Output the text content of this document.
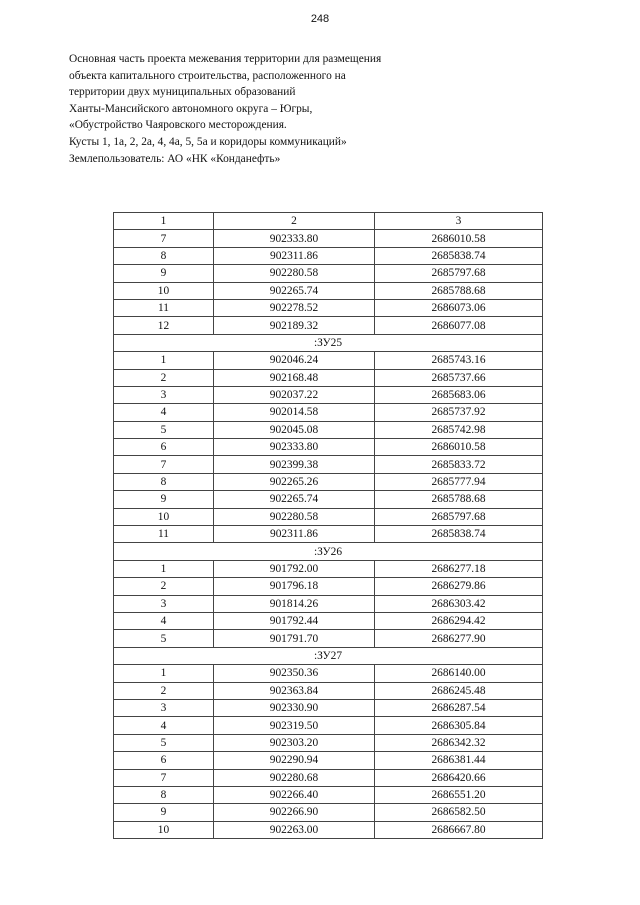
248
Основная часть проекта межевания территории для размещения
объекта капитального строительства, расположенного на
территории двух муниципальных образований
Ханты-Мансийского автономного округа – Югры,
«Обустройство Чаяровского месторождения.
Кусты 1, 1а, 2, 2а, 4, 4а, 5, 5а и коридоры коммуникаций»
Землепользователь: АО «НК «Конданефть»
1	2	3
7	902333.80	2686010.58
8	902311.86	2685838.74
9	902280.58	2685797.68
10	902265.74	2685788.68
11	902278.52	2686073.06
12	902189.32	2686077.08
:ЗУ25		
1	902046.24	2685743.16
2	902168.48	2685737.66
3	902037.22	2685683.06
4	902014.58	2685737.92
5	902045.08	2685742.98
6	902333.80	2686010.58
7	902399.38	2685833.72
8	902265.26	2685777.94
9	902265.74	2685788.68
10	902280.58	2685797.68
11	902311.86	2685838.74
:ЗУ26		
1	901792.00	2686277.18
2	901796.18	2686279.86
3	901814.26	2686303.42
4	901792.44	2686294.42
5	901791.70	2686277.90
:ЗУ27		
1	902350.36	2686140.00
2	902363.84	2686245.48
3	902330.90	2686287.54
4	902319.50	2686305.84
5	902303.20	2686342.32
6	902290.94	2686381.44
7	902280.68	2686420.66
8	902266.40	2686551.20
9	902266.90	2686582.50
10	902263.00	2686667.80
